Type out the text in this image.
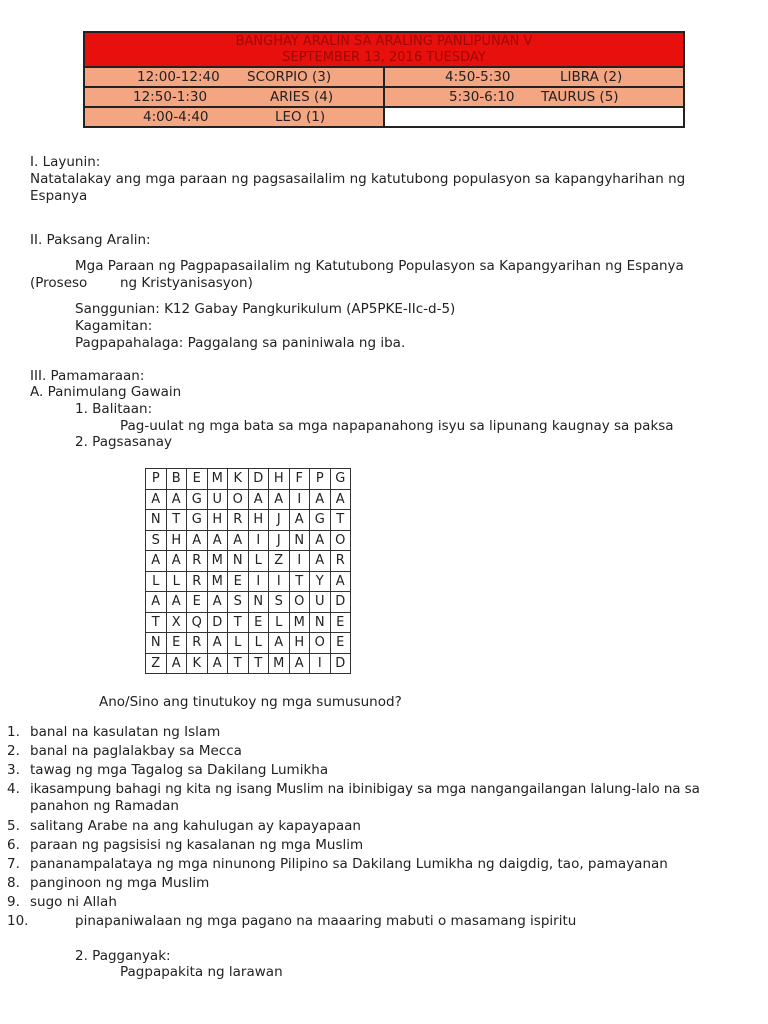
BANGHAY ARALIN SA ARALING PANLIPUNAN V
SEPTEMBER 13, 2016 TUESDAY
12:00-12:40 SCORPIO (3)	4:50-5:30	LIBRA (2)
12:50-1:30	ARIES (4)	5:30-6:10 TAURUS (5)
4:00-4:40	LEO (1)
I. Layunin:
Natatalakay ang mga paraan ng pagsasailalim ng katutubong populasyon sa kapangyharihan ng
Espanya
II. Paksang Aralin:
Mga Paraan ng Pagpapasailalim ng Katutubong Populasyon sa Kapangyarihan ng Espanya
(Proseso ng Kristyanisasyon)
Sanggunian: K12 Gabay Pangkurikulum (AP5PKE-IIc-d-5)
Kagamitan:
Pagpapahalaga: Paggalang sa paniniwala ng iba.
III. Pamamaraan:
A. Panimulang Gawain
1. Balitaan:
Pag-uulat ng mga bata sa mga napapanahong isyu sa lipunang kaugnay sa paksa
2. Pagsasanay
P	B	E	M	K	D	H	F	P	G
A	A	G	U	O	A	A	I	A	A
N	T	G	H	R	H	J	A	G	T
S	H	A	A	A	I	J	N	A	O
A	A	R	M	N	L	Z	I	A	R
L	L	R	M	E	I	I	T	Y	A
A	A	E	A	S	N	S	O	U	D
T	X	Q	D	T	E	L	M	N	E
N	E	R	A	L	L	A	H	O	E
Z	A	K	A	T	T	M	A	I	D
Ano/Sino ang tinutukoy ng mga sumusunod?
1. banal na kasulatan ng Islam
2. banal na paglalakbay sa Mecca
3. tawag ng mga Tagalog sa Dakilang Lumikha
4. ikasampung bahagi ng kita ng isang Muslim na ibinibigay sa mga nangangailangan lalung-lalo na sa
panahon ng Ramadan
5. salitang Arabe na ang kahulugan ay kapayapaan
6. paraan ng pagsisisi ng kasalanan ng mga Muslim
7. pananampalataya ng mga ninunong Pilipino sa Dakilang Lumikha ng daigdig, tao, pamayanan
8. panginoon ng mga Muslim
9. sugo ni Allah
10.	pinapaniwalaan ng mga pagano na maaaring mabuti o masamang ispiritu
2. Pagganyak:
Pagpapakita ng larawan
